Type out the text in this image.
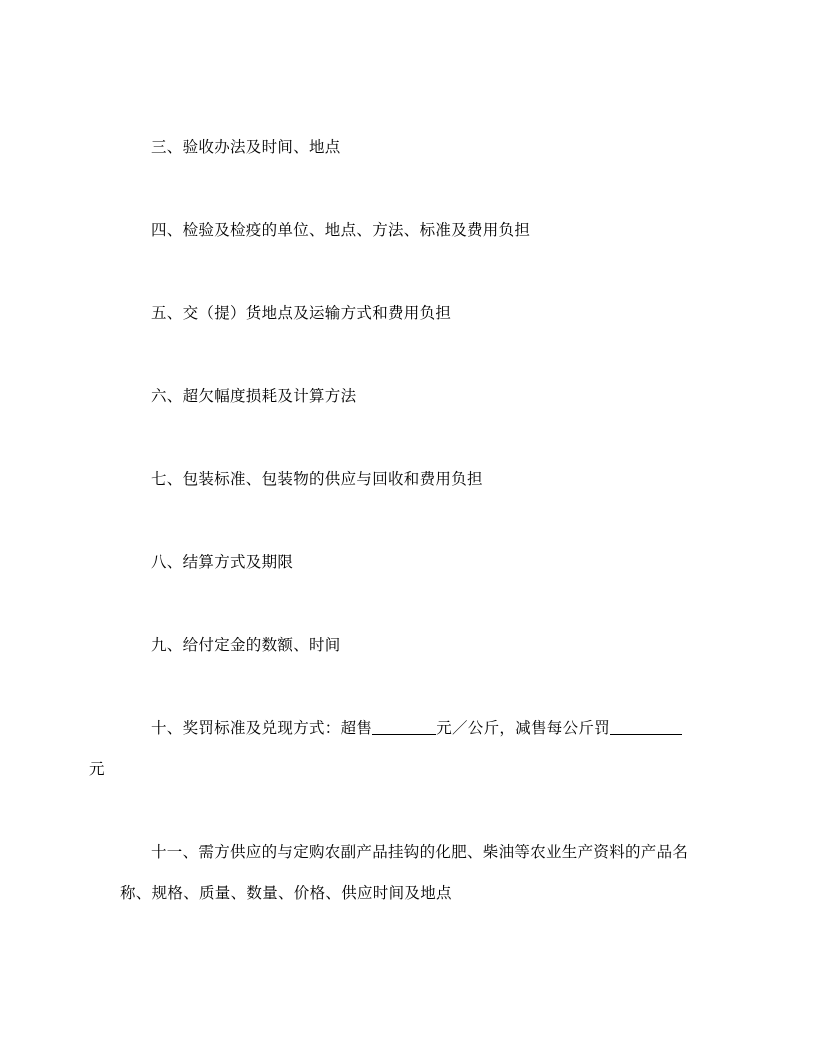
三、验收办法及时间、地点
四、检验及检疫的单位、地点、方法、标准及费用负担
五、交（提）货地点及运输方式和费用负担
六、超欠幅度损耗及计算方法
七、包装标准、包装物的供应与回收和费用负担
八、结算方式及期限
九、给付定金的数额、时间
十、奖罚标准及兑现方式：超售	元／公斤，减售每公斤罚
元
十一、需方供应的与定购农副产品挂钩的化肥、柴油等农业生产资料的产品名称、规格、质量、数量、价格、供应时间及地点
